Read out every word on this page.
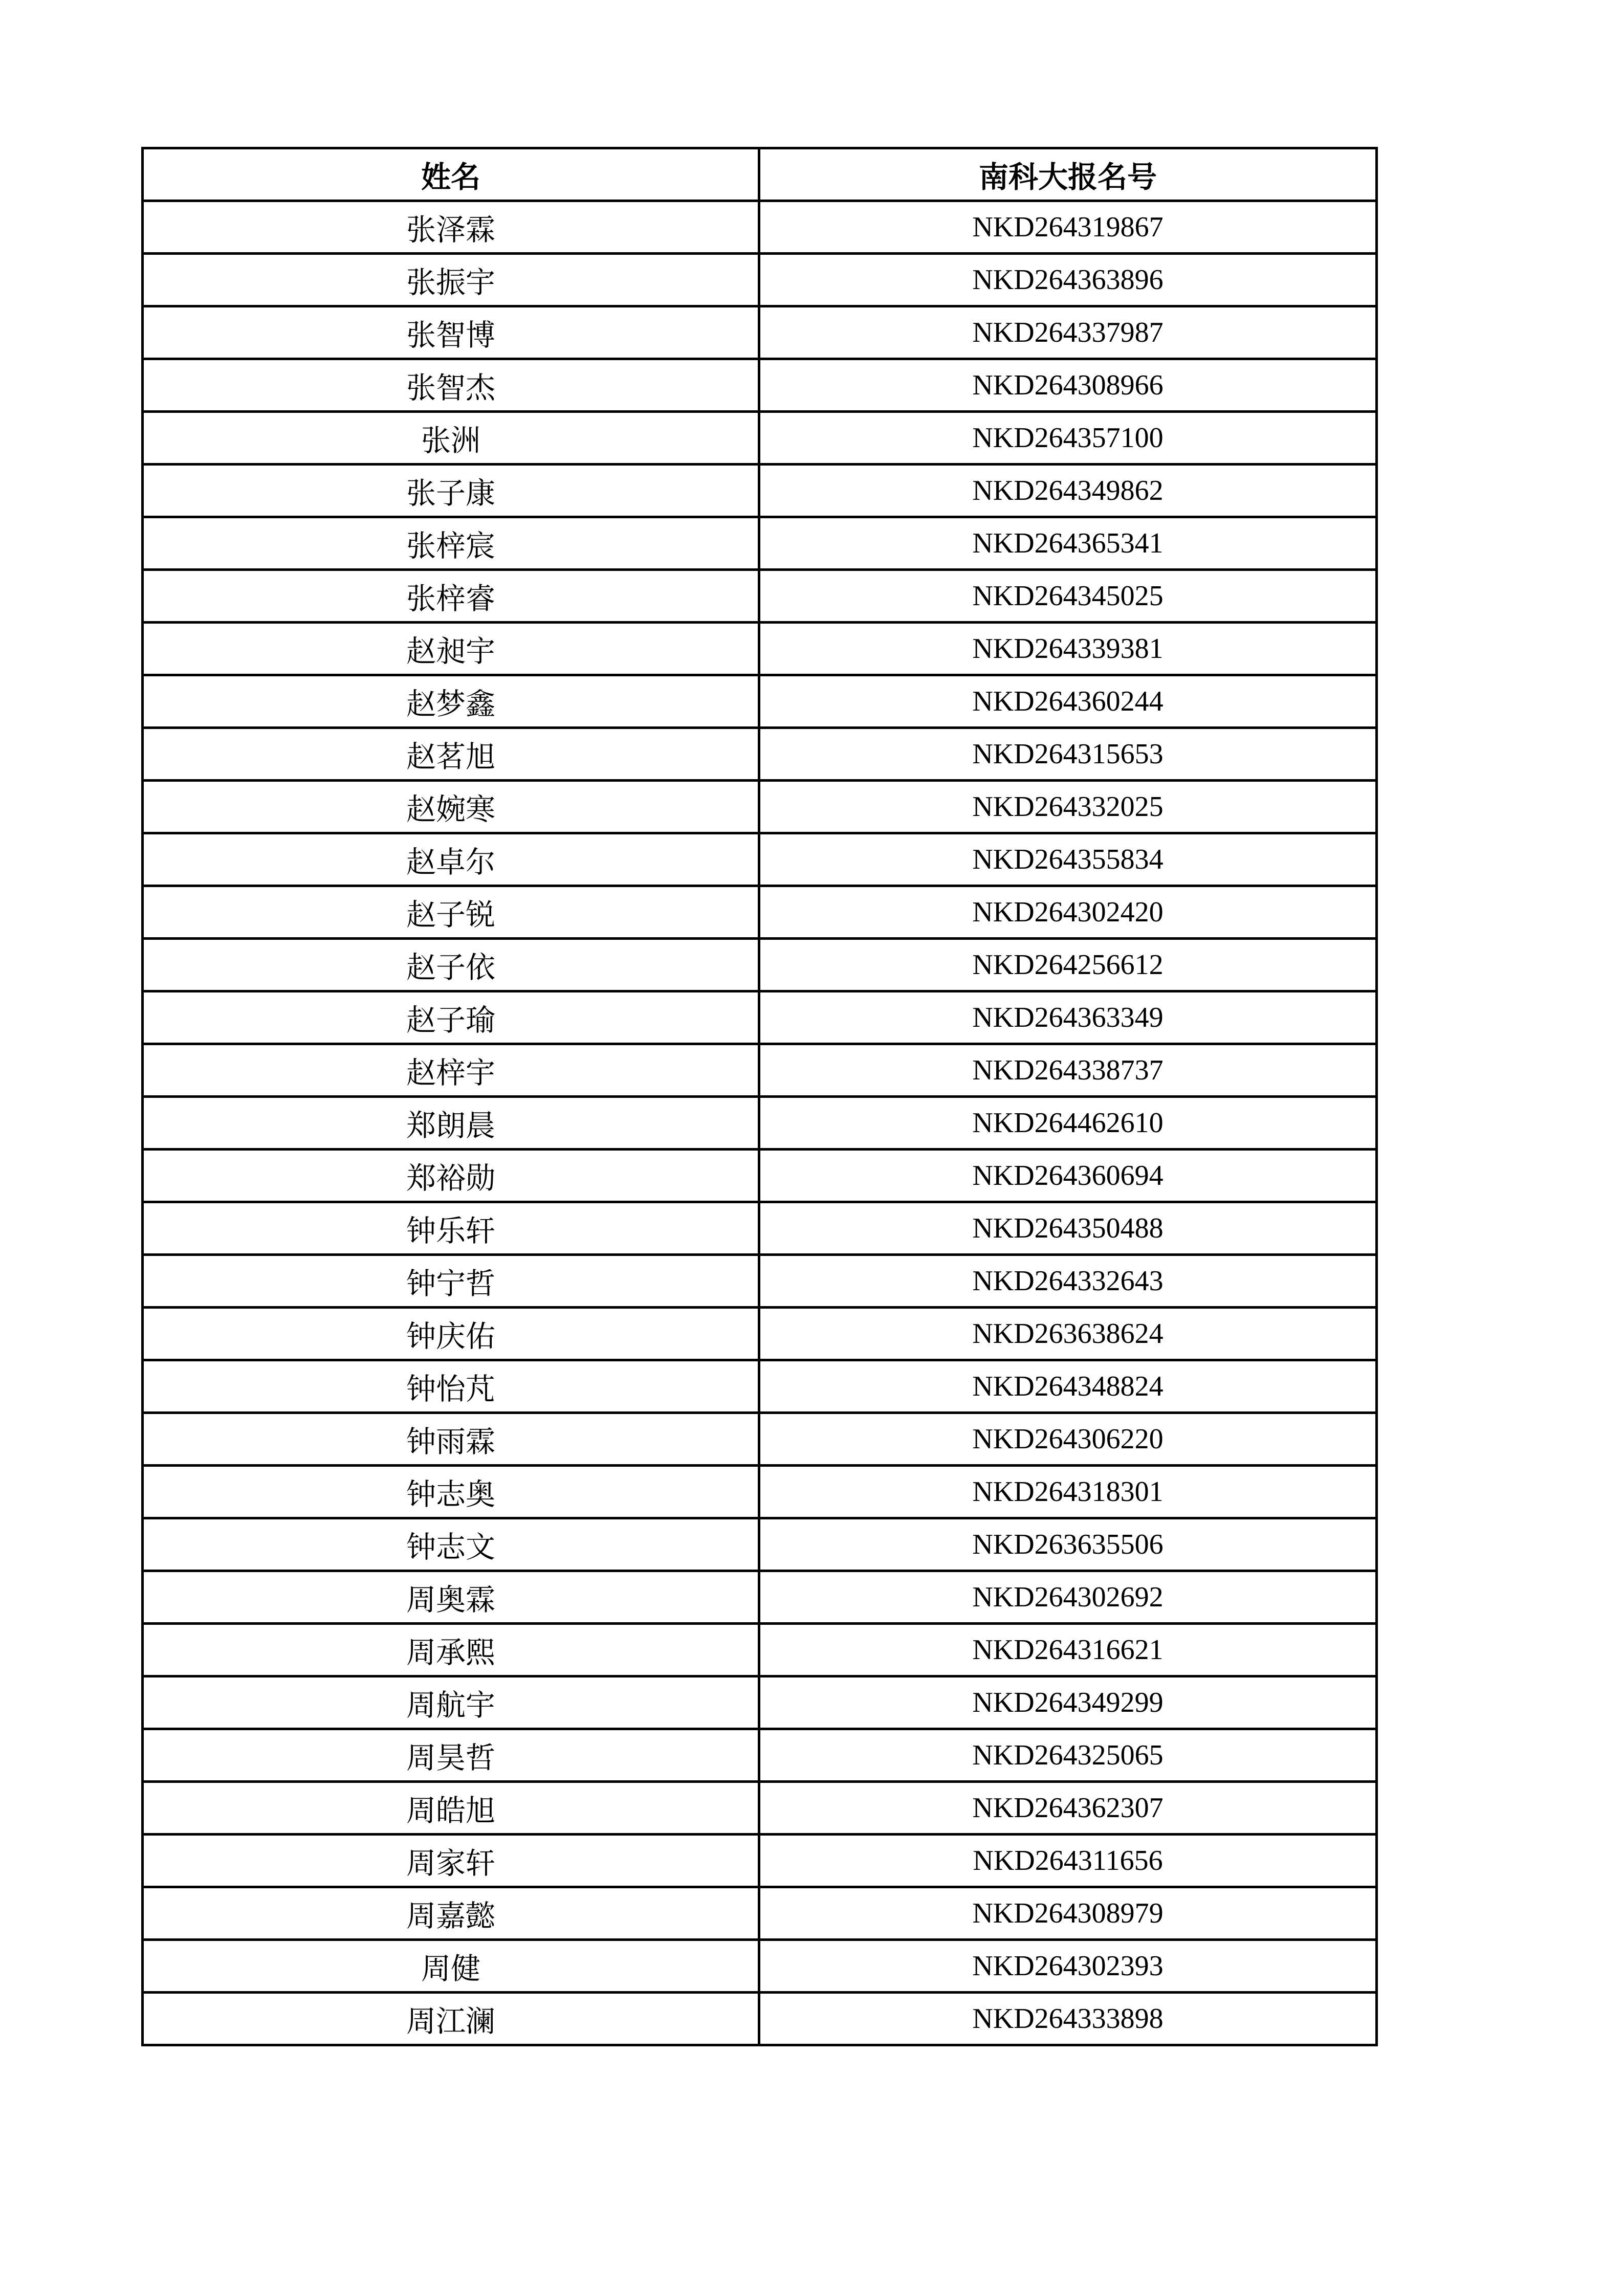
姓名	南科大报名号
张泽霖	NKD264319867
张振宇	NKD264363896
张智博	NKD264337987
张智杰	NKD264308966
张洲	NKD264357100
张子康	NKD264349862
张梓宸	NKD264365341
张梓睿	NKD264345025
赵昶宇	NKD264339381
赵梦鑫	NKD264360244
赵茗旭	NKD264315653
赵婉寒	NKD264332025
赵卓尔	NKD264355834
赵子锐	NKD264302420
赵子依	NKD264256612
赵子瑜	NKD264363349
赵梓宇	NKD264338737
郑朗晨	NKD264462610
郑裕勋	NKD264360694
钟乐轩	NKD264350488
钟宁哲	NKD264332643
钟庆佑	NKD263638624
钟怡芃	NKD264348824
钟雨霖	NKD264306220
钟志奥	NKD264318301
钟志文	NKD263635506
周奥霖	NKD264302692
周承熙	NKD264316621
周航宇	NKD264349299
周昊哲	NKD264325065
周皓旭	NKD264362307
周家轩	NKD264311656
周嘉懿	NKD264308979
周健	NKD264302393
周江澜	NKD264333898
